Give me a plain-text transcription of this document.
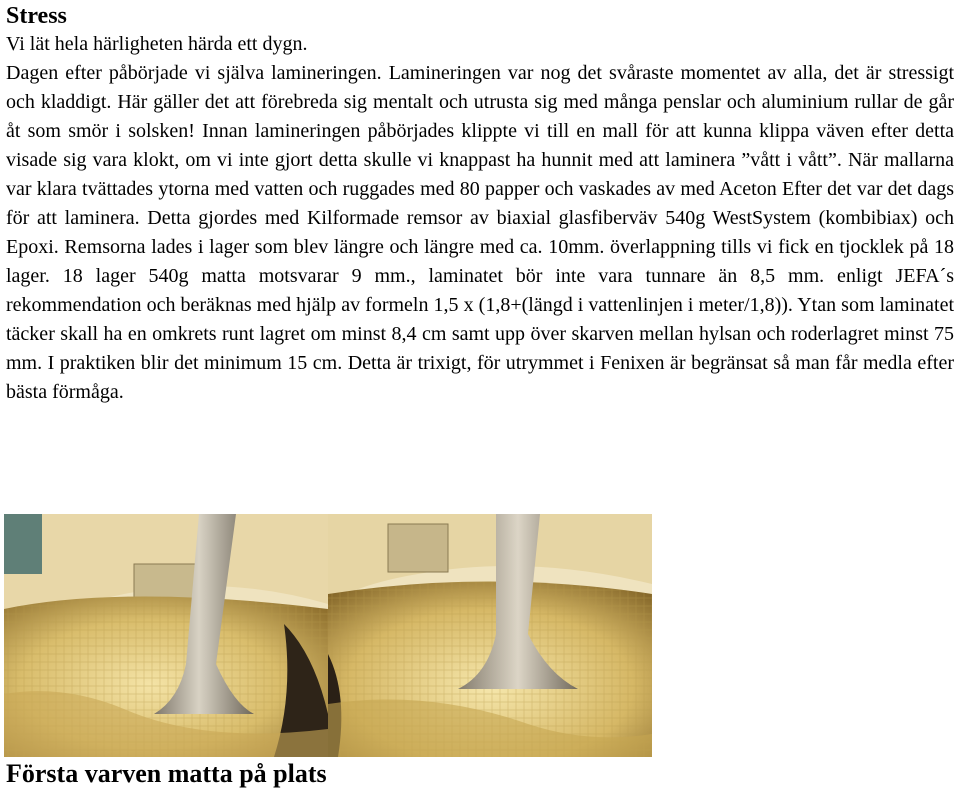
Stress

Vi lät hela härligheten härda ett dygn.

Dagen efter påbörjade vi själva lamineringen. Lamineringen var nog det svåraste momentet av alla, det är stressigt och kladdigt. Här gäller det att förebreda sig mentalt och utrusta sig med många penslar och aluminium rullar de går åt som smör i solsken! Innan lamineringen påbörjades klippte vi till en mall för att kunna klippa väven efter detta visade sig vara klokt, om vi inte gjort detta skulle vi knappast ha hunnit med att laminera ”vått i vått”. När mallarna var klara tvättades ytorna med vatten och ruggades med 80 papper och vaskades av med Aceton Efter det var det dags för att laminera. Detta gjordes med Kilformade remsor av biaxial glasfiberväv 540g WestSystem (kombibiax) och Epoxi. Remsorna lades i lager som blev längre och längre med ca. 10mm. överlappning tills vi fick en tjocklek på 18 lager. 18 lager 540g matta motsvarar 9 mm., laminatet bör inte vara tunnare än 8,5 mm. enligt JEFA´s rekommendation och beräknas med hjälp av formeln 1,5 x (1,8+(längd i vattenlinjen i meter/1,8)). Ytan som laminatet täcker skall ha en omkrets runt lagret om minst 8,4 cm samt upp över skarven mellan hylsan och roderlagret minst 75 mm. I praktiken blir det minimum 15 cm. Detta är trixigt, för utrymmet i Fenixen är begränsat så man får medla efter bästa förmåga.

Första varven matta på plats
